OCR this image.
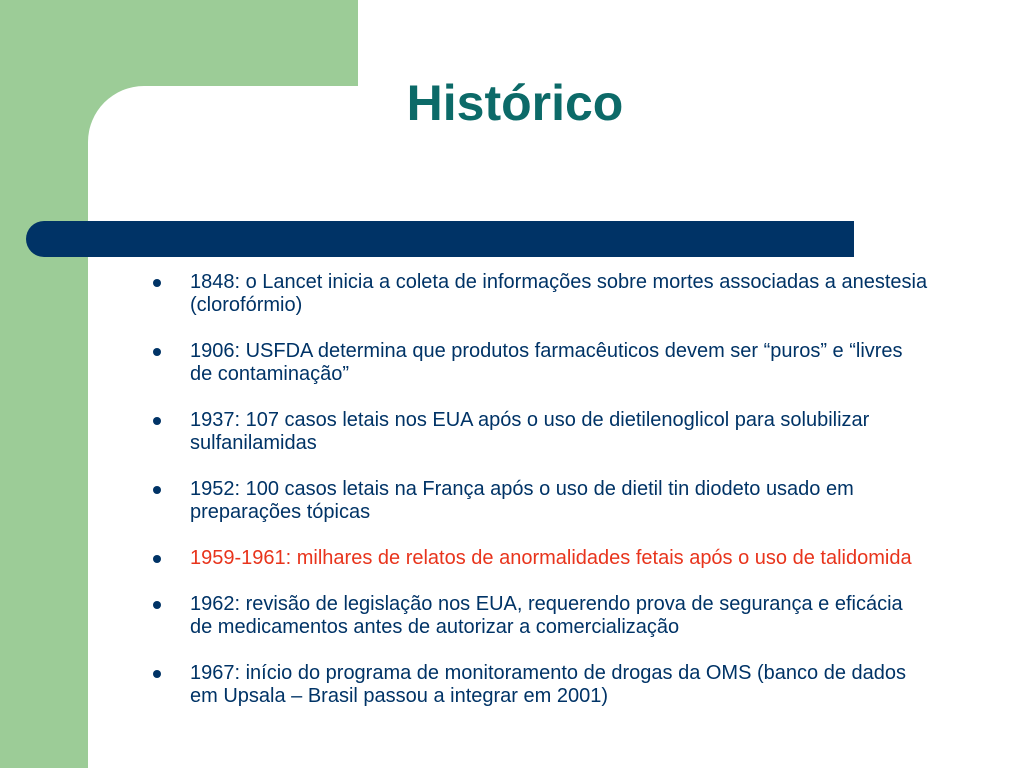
Histórico
1848: o Lancet inicia a coleta de informações sobre mortes associadas a anestesia (clorofórmio)
1906: USFDA determina que produtos farmacêuticos devem ser “puros” e “livres de contaminação”
1937: 107 casos letais nos EUA após o uso de dietilenoglicol para solubilizar sulfanilamidas
1952: 100 casos letais na França após o uso de dietil tin diodeto usado em preparações tópicas
1959-1961: milhares de relatos de anormalidades fetais após o uso de talidomida
1962: revisão de legislação nos EUA, requerendo prova de segurança e eficácia de medicamentos antes de autorizar a comercialização
1967: início do programa de monitoramento de drogas da OMS (banco de dados em Upsala – Brasil passou a integrar em 2001)
